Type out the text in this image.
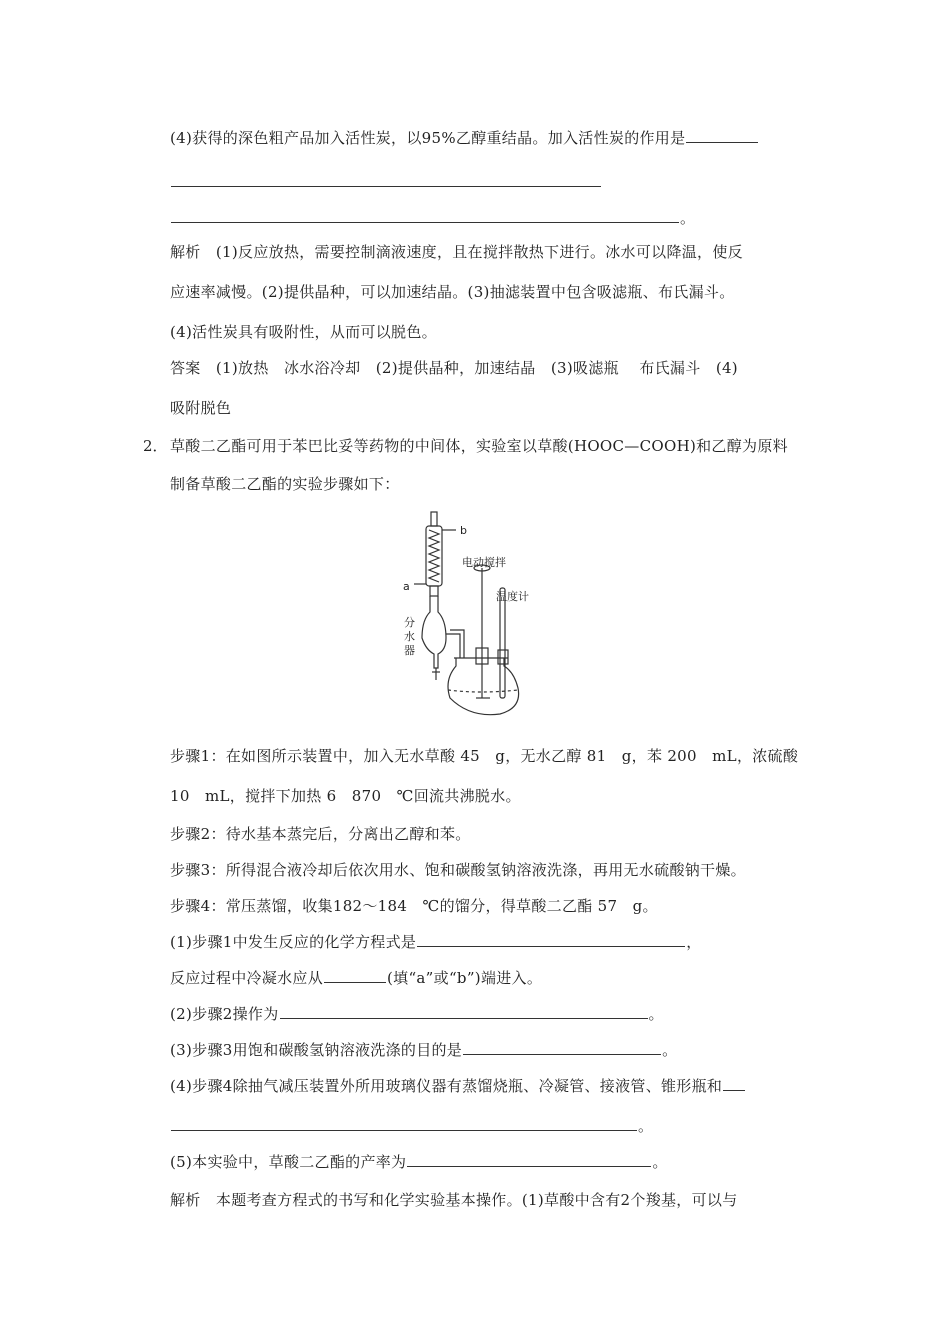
(4)获得的深色粗产品加入活性炭，以95%乙醇重结晶。加入活性炭的作用是
。
解析　(1)反应放热，需要控制滴液速度，且在搅拌散热下进行。冰水可以降温，使反
应速率减慢。(2)提供晶种，可以加速结晶。(3)抽滤装置中包含吸滤瓶、布氏漏斗。
(4)活性炭具有吸附性，从而可以脱色。
答案　(1)放热　冰水浴冷却　(2)提供晶种，加速结晶　(3)吸滤瓶　 布氏漏斗　(4)
吸附脱色
2． 草酸二乙酯可用于苯巴比妥等药物的中间体，实验室以草酸(HOOC—COOH)和乙醇为原料
制备草酸二乙酯的实验步骤如下：
b
a
电动搅拌
温度计
分
水
器
步骤1：在如图所示装置中，加入无水草酸 45　g，无水乙醇 81　g，苯 200　mL，浓硫酸
10　mL，搅拌下加热 6　870　℃回流共沸脱水。
步骤2：待水基本蒸完后，分离出乙醇和苯。
步骤3：所得混合液冷却后依次用水、饱和碳酸氢钠溶液洗涤，再用无水硫酸钠干燥。
步骤4：常压蒸馏，收集182～184　℃的馏分，得草酸二乙酯 57　g。
(1)步骤1中发生反应的化学方程式是	，
反应过程中冷凝水应从	(填“a”或“b”)端进入。
(2)步骤2操作为	。
(3)步骤3用饱和碳酸氢钠溶液洗涤的目的是	。
(4)步骤4除抽气减压装置外所用玻璃仪器有蒸馏烧瓶、冷凝管、接液管、锥形瓶和
。
(5)本实验中，草酸二乙酯的产率为	。
解析　本题考查方程式的书写和化学实验基本操作。(1)草酸中含有2个羧基，可以与
